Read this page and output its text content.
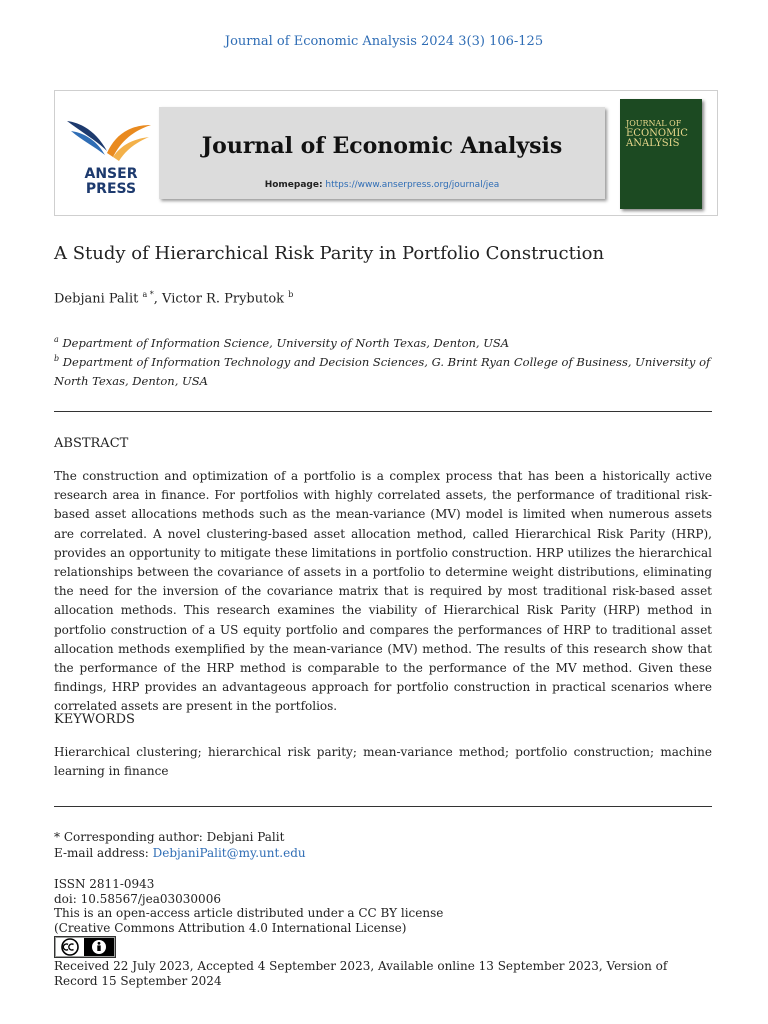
Journal of Economic Analysis 2024 3(3) 106-125
ANSER PRESS
Journal of Economic Analysis
Homepage: https://www.anserpress.org/journal/jea
JOURNAL OF
ECONOMIC
ANALYSIS
A Study of Hierarchical Risk Parity in Portfolio Construction
Debjani Palit $^{a *}$, Victor R. Prybutok $^b$
$^a$ Department of Information Science, University of North Texas, Denton, USA
$^b$ Department of Information Technology and Decision Sciences, G. Brint Ryan College of Business, University of North Texas, Denton, USA
ABSTRACT
The construction and optimization of a portfolio is a complex process that has been a historically active research area in finance. For portfolios with highly correlated assets, the performance of traditional risk-based asset allocations methods such as the mean-variance (MV) model is limited when numerous assets are correlated. A novel clustering-based asset allocation method, called Hierarchical Risk Parity (HRP), provides an opportunity to mitigate these limitations in portfolio construction. HRP utilizes the hierarchical relationships between the covariance of assets in a portfolio to determine weight distributions, eliminating the need for the inversion of the covariance matrix that is required by most traditional risk-based asset allocation methods. This research examines the viability of Hierarchical Risk Parity (HRP) method in portfolio construction of a US equity portfolio and compares the performances of HRP to traditional asset allocation methods exemplified by the mean-variance (MV) method. The results of this research show that the performance of the HRP method is comparable to the performance of the MV method. Given these findings, HRP provides an advantageous approach for portfolio construction in practical scenarios where correlated assets are present in the portfolios.
KEYWORDS
Hierarchical clustering; hierarchical risk parity; mean-variance method; portfolio construction; machine learning in finance
* Corresponding author: Debjani Palit
E-mail address: DebjaniPalit@my.unt.edu
ISSN 2811-0943
doi: 10.58567/jea03030006
This is an open-access article distributed under a CC BY license
(Creative Commons Attribution 4.0 International License)
Received 22 July 2023, Accepted 4 September 2023, Available online 13 September 2023, Version of Record 15 September 2024
